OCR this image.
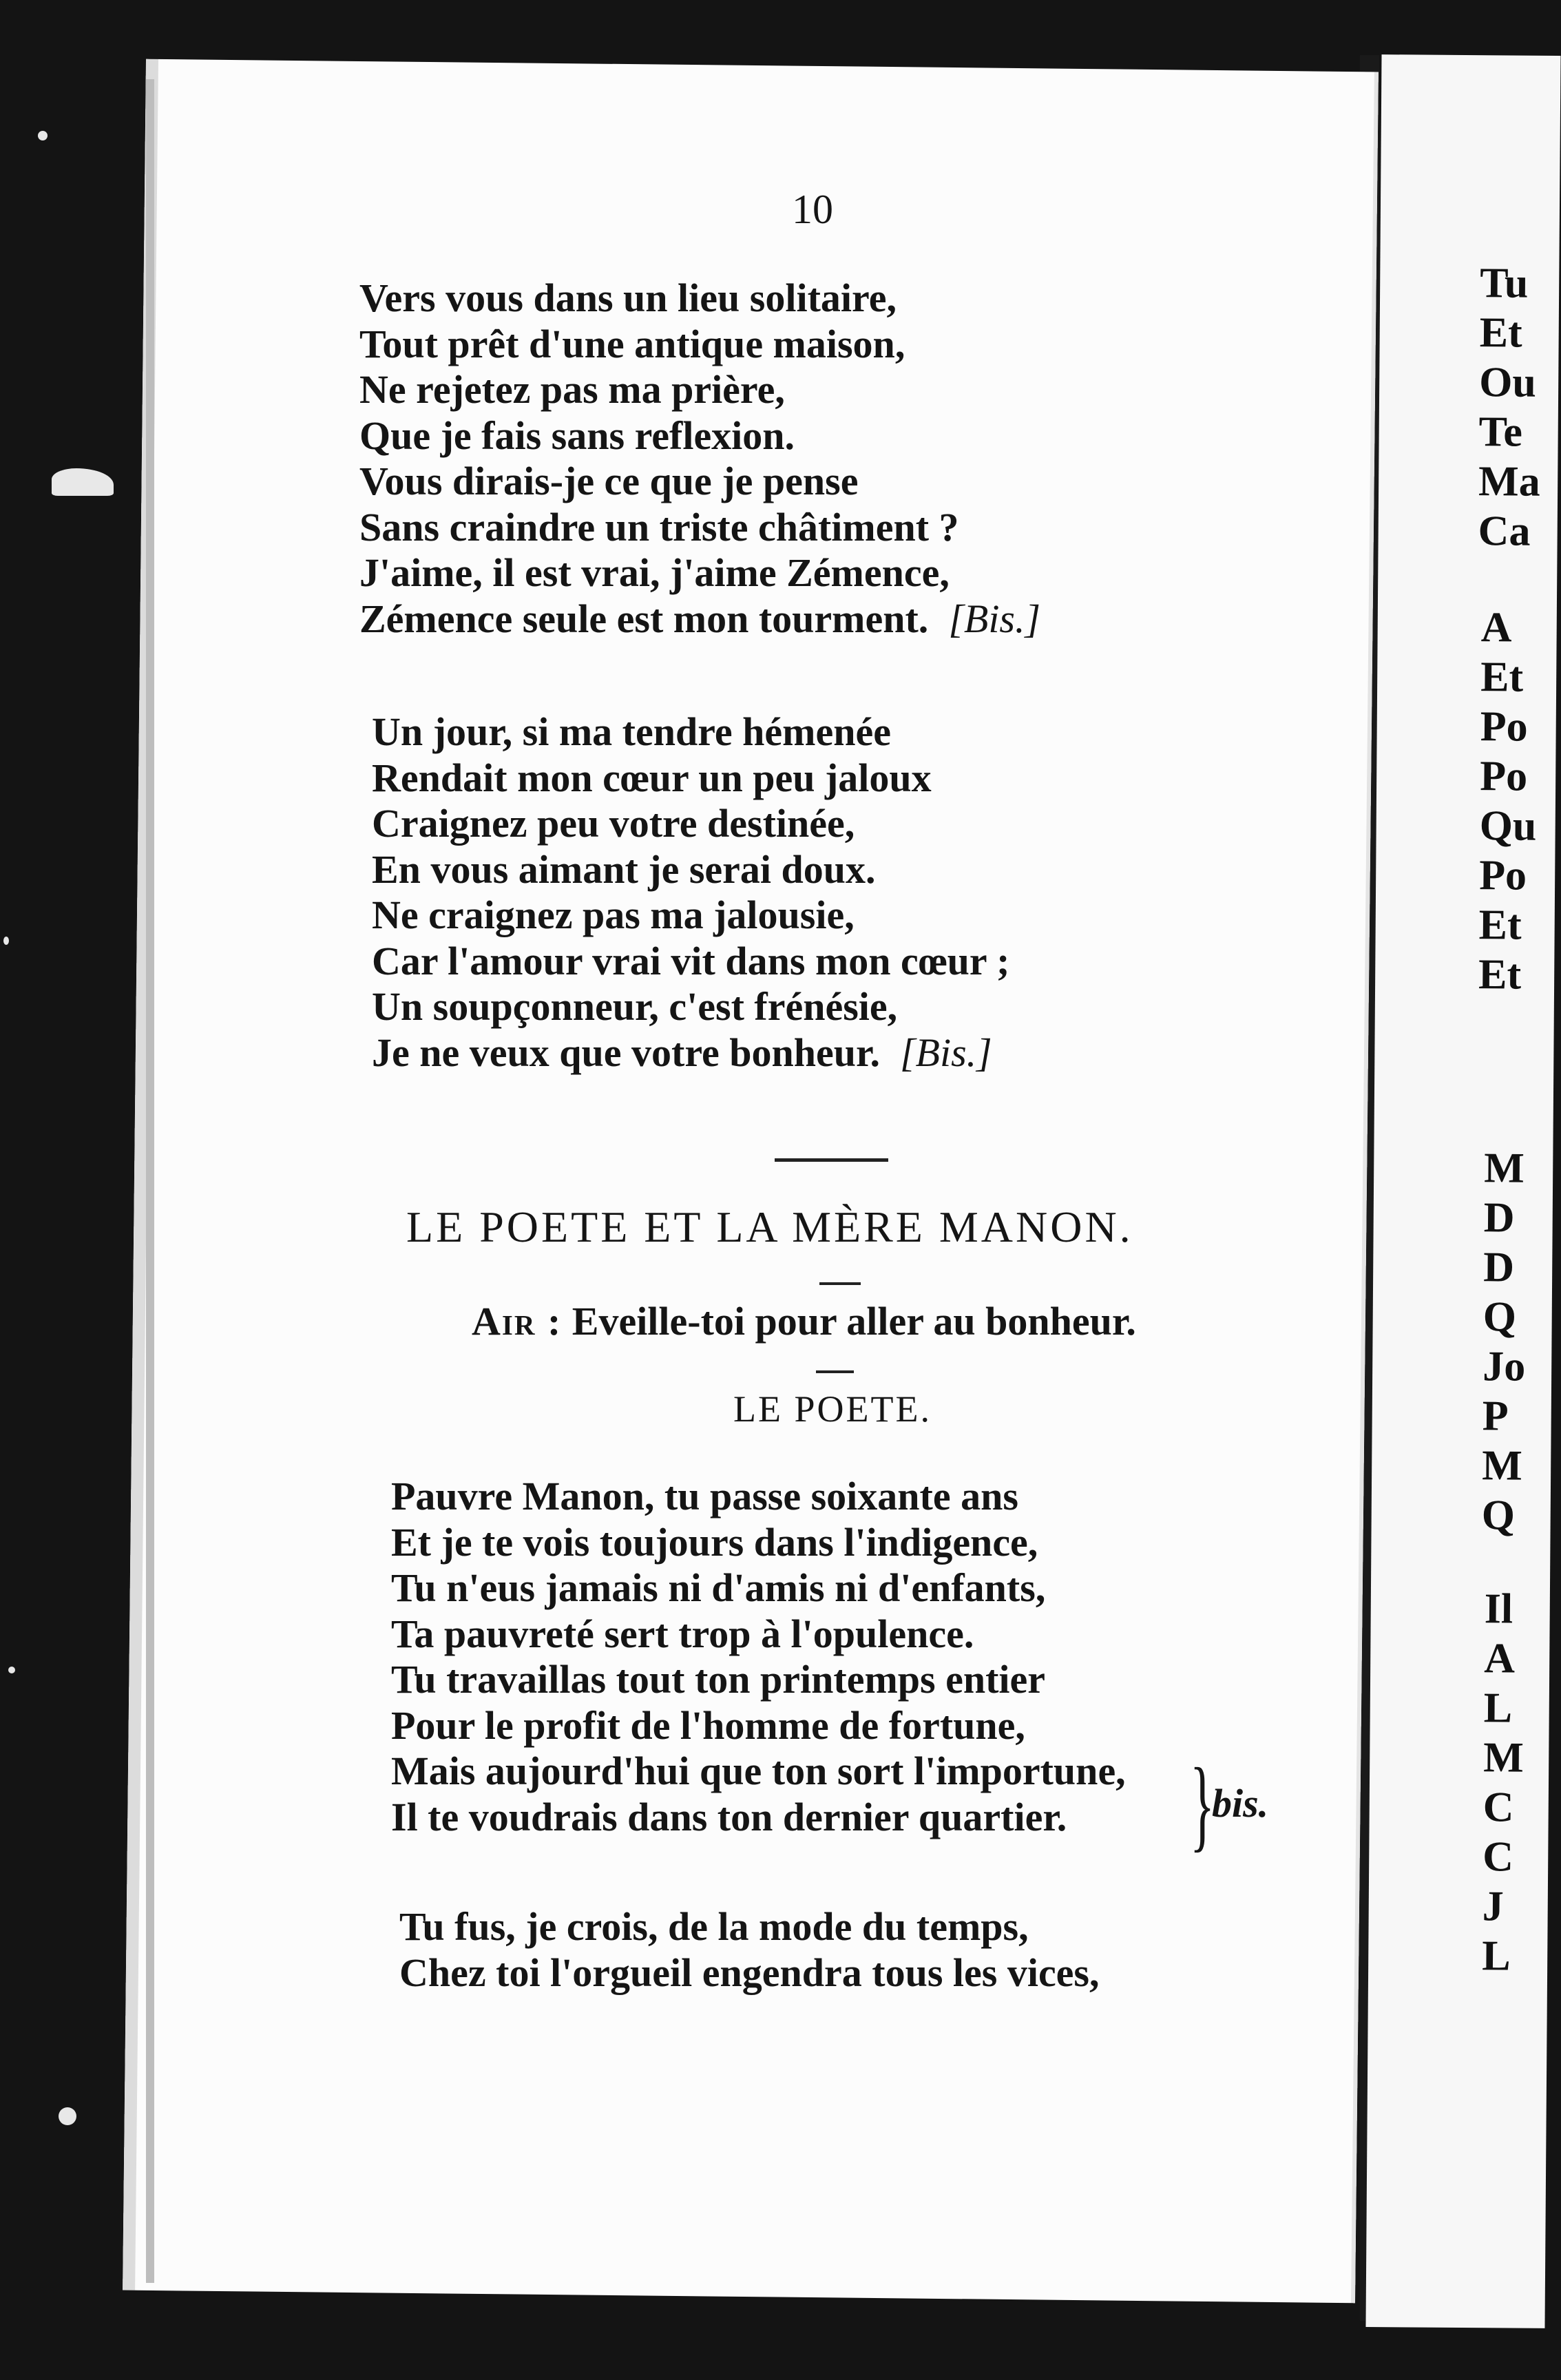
Tu
Et
Ou
Te
Ma
Ca
A
Et
Po
Po
Qu
Po
Et
Et
M
D
D
Q
Jo
P
M
Q
Il
A
L
M
C
C
J
L
10
Vers vous dans un lieu solitaire,
Tout prêt d'une antique maison,
Ne rejetez pas ma prière,
Que je fais sans reflexion.
Vous dirais-je ce que je pense
Sans craindre un triste châtiment ?
J'aime, il est vrai, j'aime Zémence,
Zémence seule est mon tourment. [Bis.]
Un jour, si ma tendre hémenée
Rendait mon cœur un peu jaloux
Craignez peu votre destinée,
En vous aimant je serai doux.
Ne craignez pas ma jalousie,
Car l'amour vrai vit dans mon cœur ;
Un soupçonneur, c'est frénésie,
Je ne veux que votre bonheur. [Bis.]
LE POETE ET LA MÈRE MANON.
Air : Eveille-toi pour aller au bonheur.
LE POETE.
Pauvre Manon, tu passe soixante ans
Et je te vois toujours dans l'indigence,
Tu n'eus jamais ni d'amis ni d'enfants,
Ta pauvreté sert trop à l'opulence.
Tu travaillas tout ton printemps entier
Pour le profit de l'homme de fortune,
Mais aujourd'hui que ton sort l'importune,
Il te voudrais dans ton dernier quartier.	}
bis.
Tu fus, je crois, de la mode du temps,
Chez toi l'orgueil engendra tous les vices,
